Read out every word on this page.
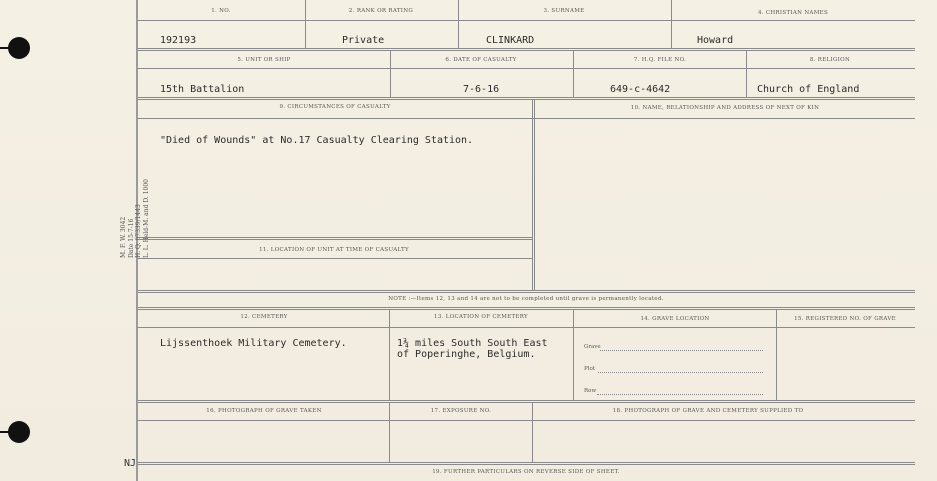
M. F. W. 3042
Date 15-7-16
H. Q. 07339/1443
L. L. Held-M. and D. 1000
NJ
1. NO.	2. RANK OR RATING	3. SURNAME	4. CHRISTIAN NAMES
192193	Private	CLINKARD	Howard
5. UNIT OR SHIP	6. DATE OF CASUALTY	7. H.Q. FILE NO.	8. RELIGION
15th Battalion	7-6-16	649-c-4642	Church of England
9. CIRCUMSTANCES OF CASUALTY	10. NAME, RELATIONSHIP AND ADDRESS OF NEXT OF KIN
"Died of Wounds" at No.17 Casualty Clearing Station.
11. LOCATION OF UNIT AT TIME OF CASUALTY
NOTE :—Items 12, 13 and 14 are not to be completed until grave is permanently located.
12. CEMETERY	13. LOCATION OF CEMETERY	14. GRAVE LOCATION	15. REGISTERED NO. OF GRAVE
Lijssenthoek Military Cemetery.	1¾ miles South South East
of Poperinghe, Belgium.
Grave
Plot
Row
16. PHOTOGRAPH OF GRAVE TAKEN	17. EXPOSURE NO.	18. PHOTOGRAPH OF GRAVE AND CEMETERY SUPPLIED TO
19. FURTHER PARTICULARS ON REVERSE SIDE OF SHEET.
